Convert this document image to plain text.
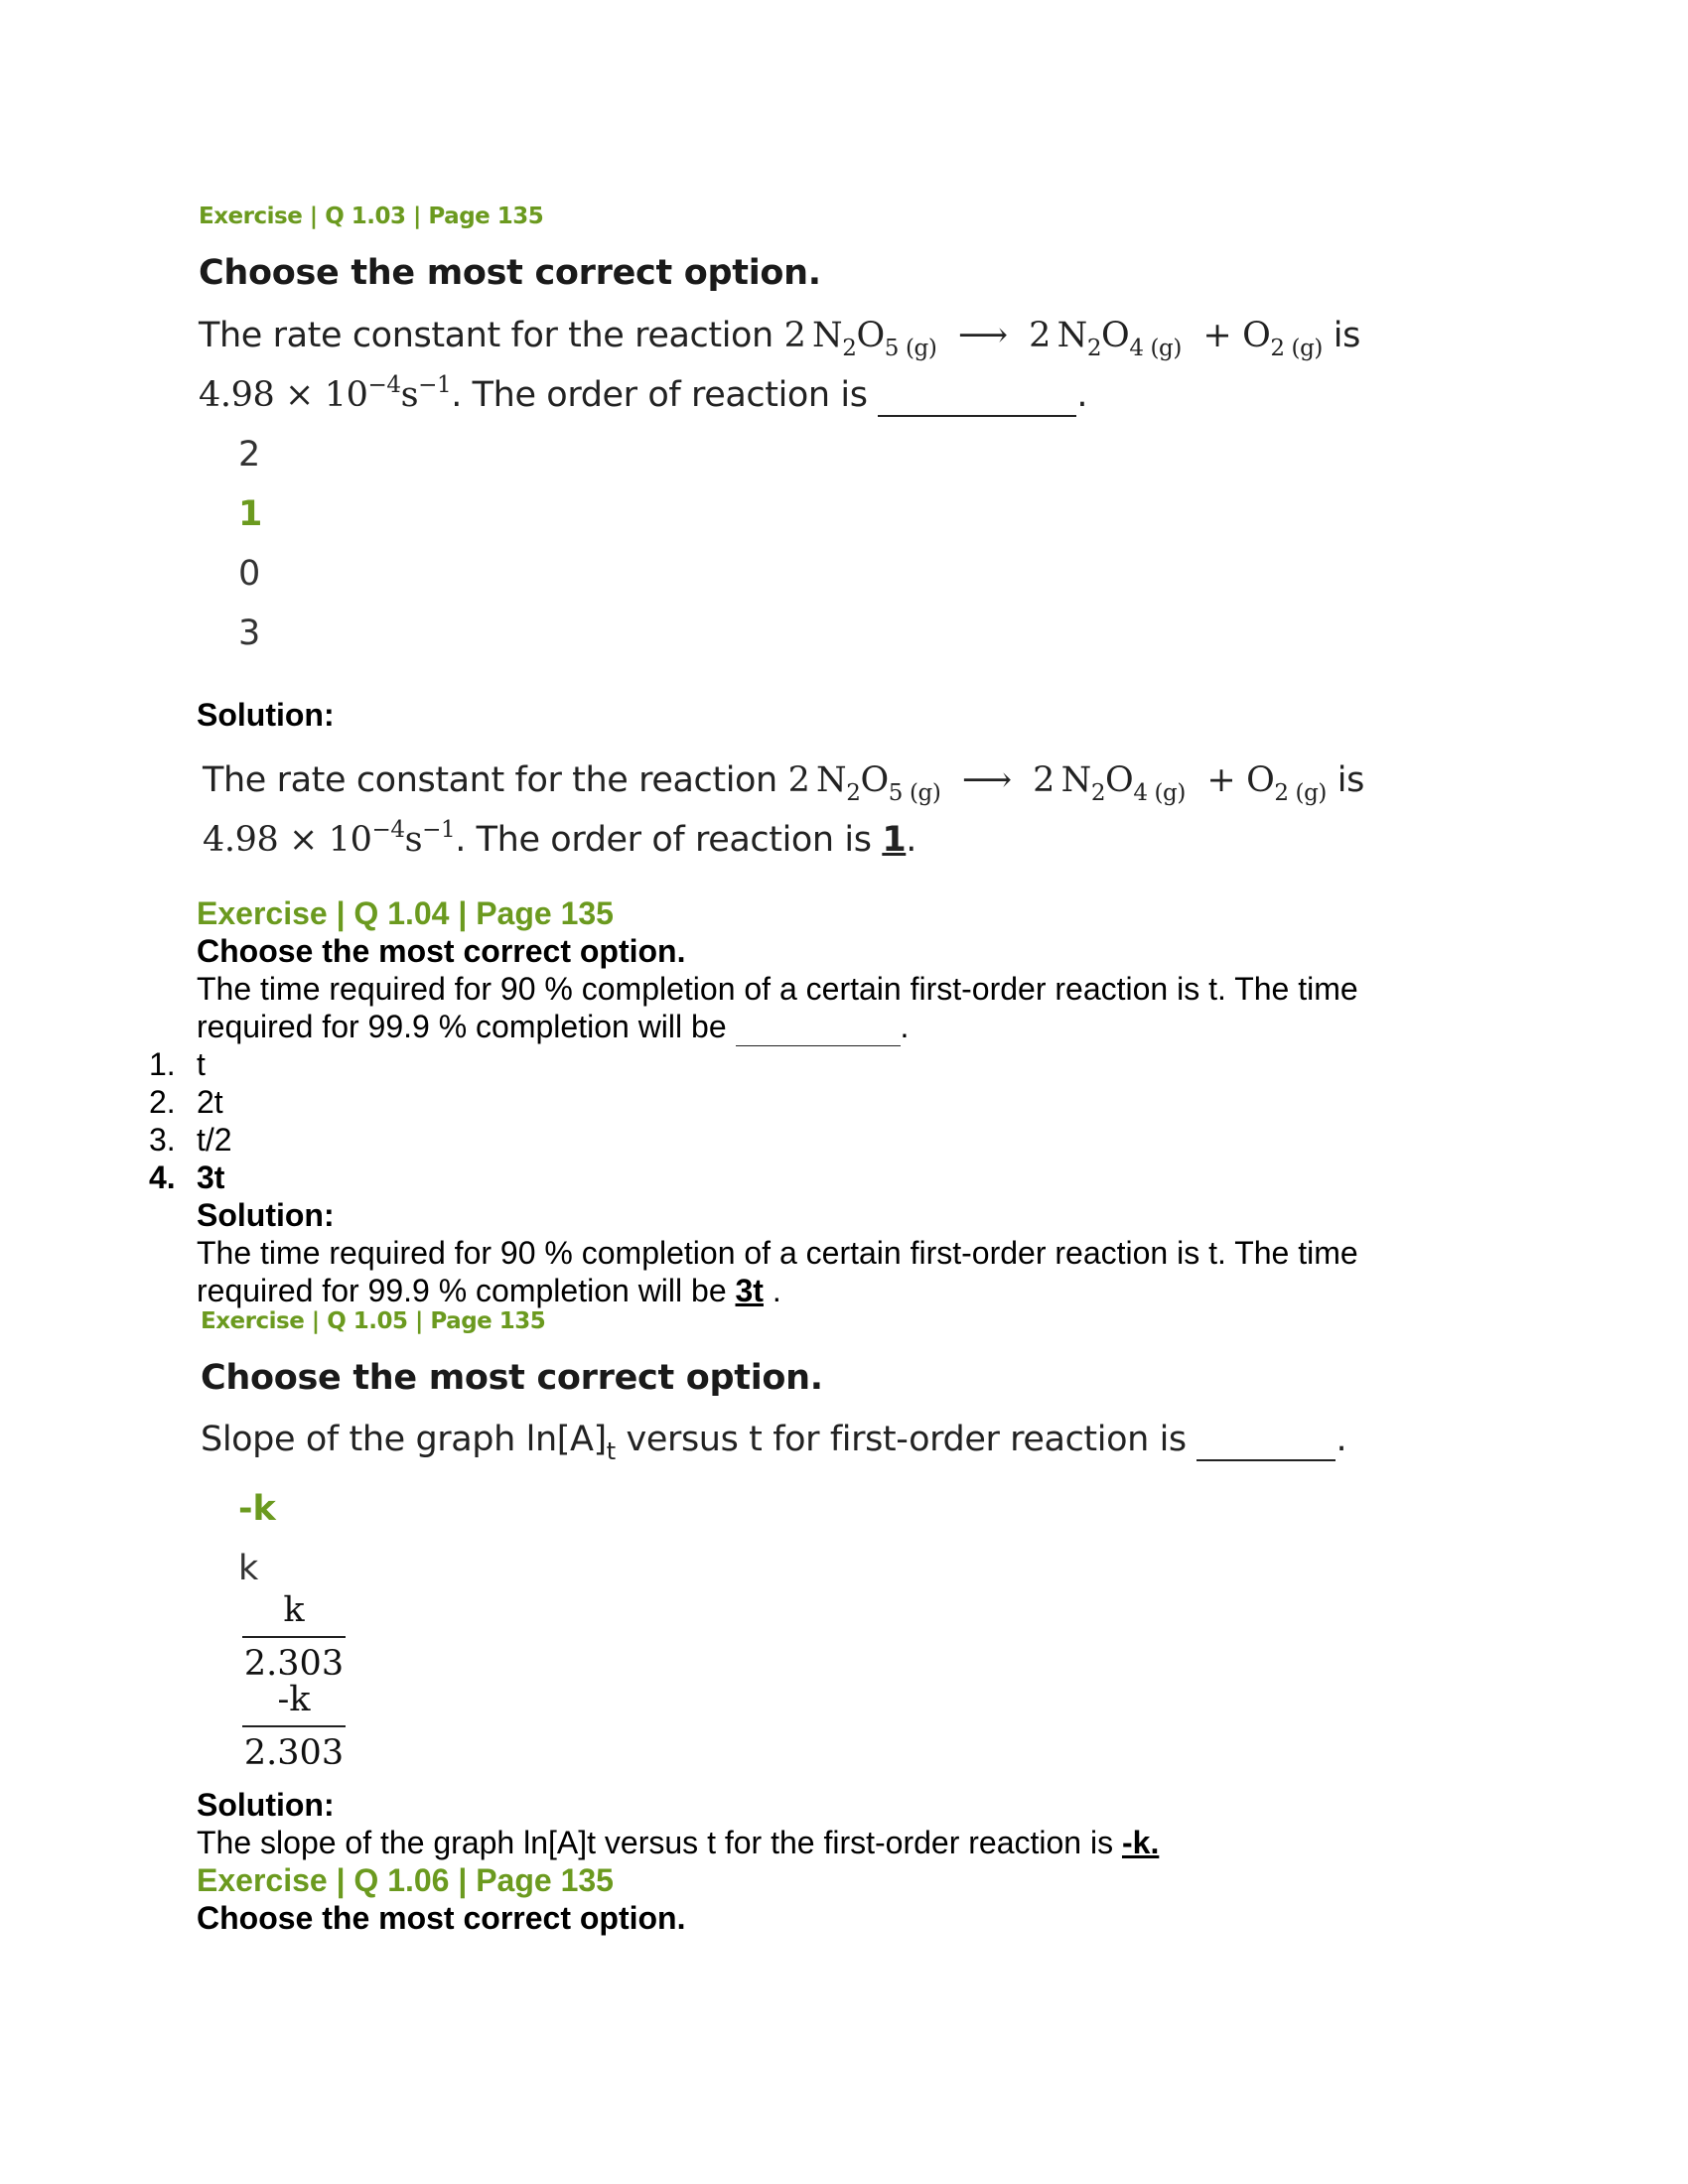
Exercise | Q 1.03 | Page 135
Choose the most correct option.
The rate constant for the reaction 2  $N_2O_{5 (g)}$ ⟶ 2  $N_2O_{4 (g)} + O_{2 (g)}$ is
$4.98 \times 10^{-4}s^{-1}$. The order of reaction is	.
2
1
0
3
Solution:
The rate constant for the reaction 2  $N_2O_{5 (g)}$ ⟶ 2  $N_2O_{4 (g)} + O_{2 (g)}$ is
$4.98 \times 10^{-4}s^{-1}$. The order of reaction is 1.
Exercise | Q 1.04 | Page 135
Choose the most correct option.
The time required for 90 % completion of a certain first-order reaction is t. The time
required for 99.9 % completion will be	.
1. t
2. 2t
3. t/2
4. 3t
Solution:
The time required for 90 % completion of a certain first-order reaction is t. The time
required for 99.9 % completion will be 3t .
Exercise | Q 1.05 | Page 135
Choose the most correct option.
Slope of the graph $\ln[A]_t$ versus t for first-order reaction is	.
-k
k
k
2.303
-k
2.303
Solution:
The slope of the graph ln[A]t versus t for the first-order reaction is -k.
Exercise | Q 1.06 | Page 135
Choose the most correct option.
